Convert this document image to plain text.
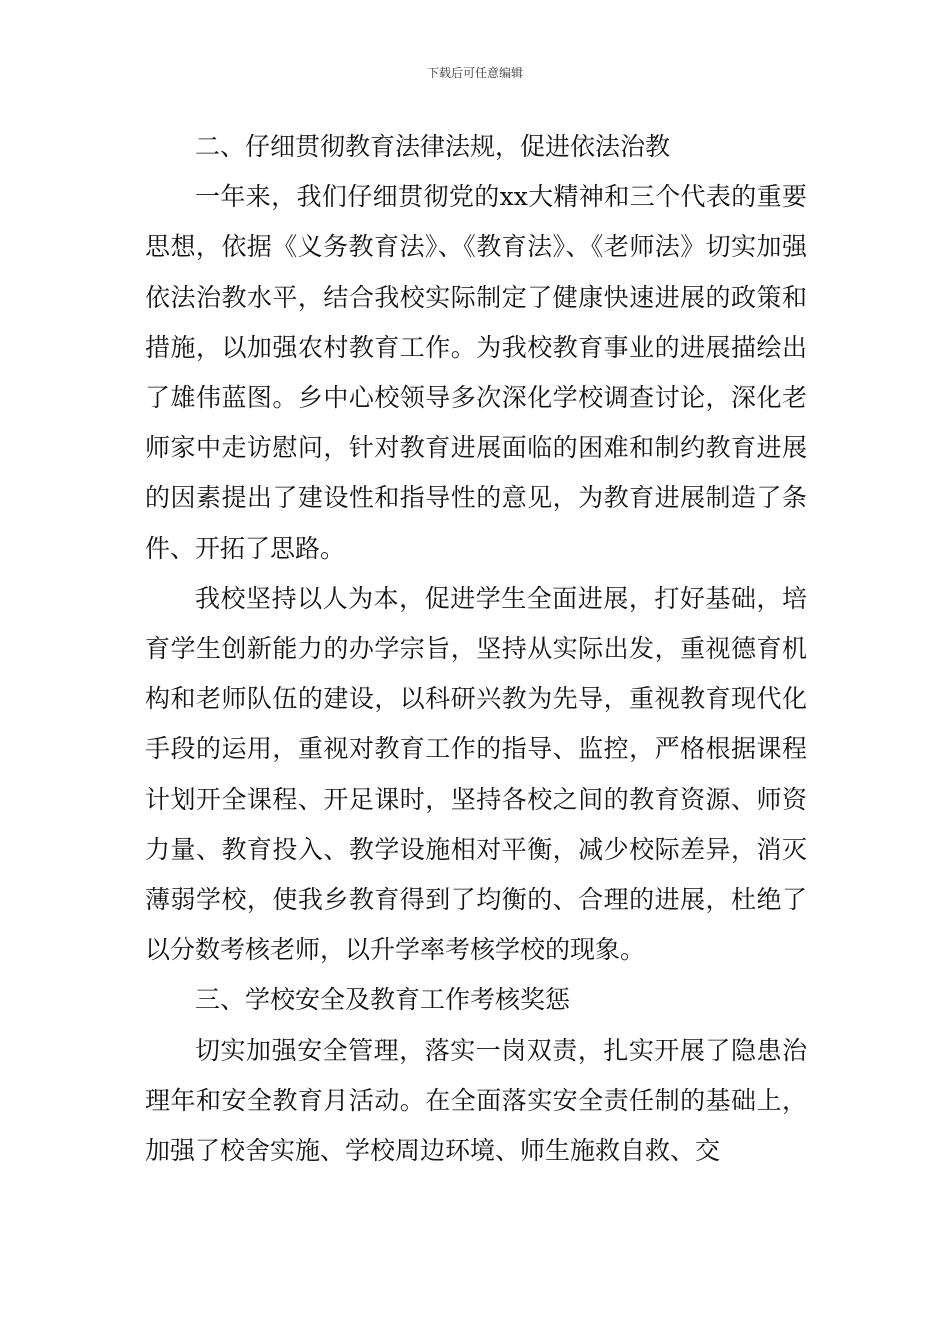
下载后可任意编辑

二、仔细贯彻教育法律法规，促进依法治教

一年来，我们仔细贯彻党的xx大精神和三个代表的重要思想，依据《义务教育法》、《教育法》、《老师法》切实加强依法治教水平，结合我校实际制定了健康快速进展的政策和措施，以加强农村教育工作。为我校教育事业的进展描绘出了雄伟蓝图。乡中心校领导多次深化学校调查讨论，深化老师家中走访慰问，针对教育进展面临的困难和制约教育进展的因素提出了建设性和指导性的意见，为教育进展制造了条件、开拓了思路。

我校坚持以人为本，促进学生全面进展，打好基础，培育学生创新能力的办学宗旨，坚持从实际出发，重视德育机构和老师队伍的建设，以科研兴教为先导，重视教育现代化手段的运用，重视对教育工作的指导、监控，严格根据课程计划开全课程、开足课时，坚持各校之间的教育资源、师资力量、教育投入、教学设施相对平衡，减少校际差异，消灭薄弱学校，使我乡教育得到了均衡的、合理的进展，杜绝了以分数考核老师，以升学率考核学校的现象。

三、学校安全及教育工作考核奖惩

切实加强安全管理，落实一岗双责，扎实开展了隐患治理年和安全教育月活动。在全面落实安全责任制的基础上，加强了校舍实施、学校周边环境、师生施救自救、交
